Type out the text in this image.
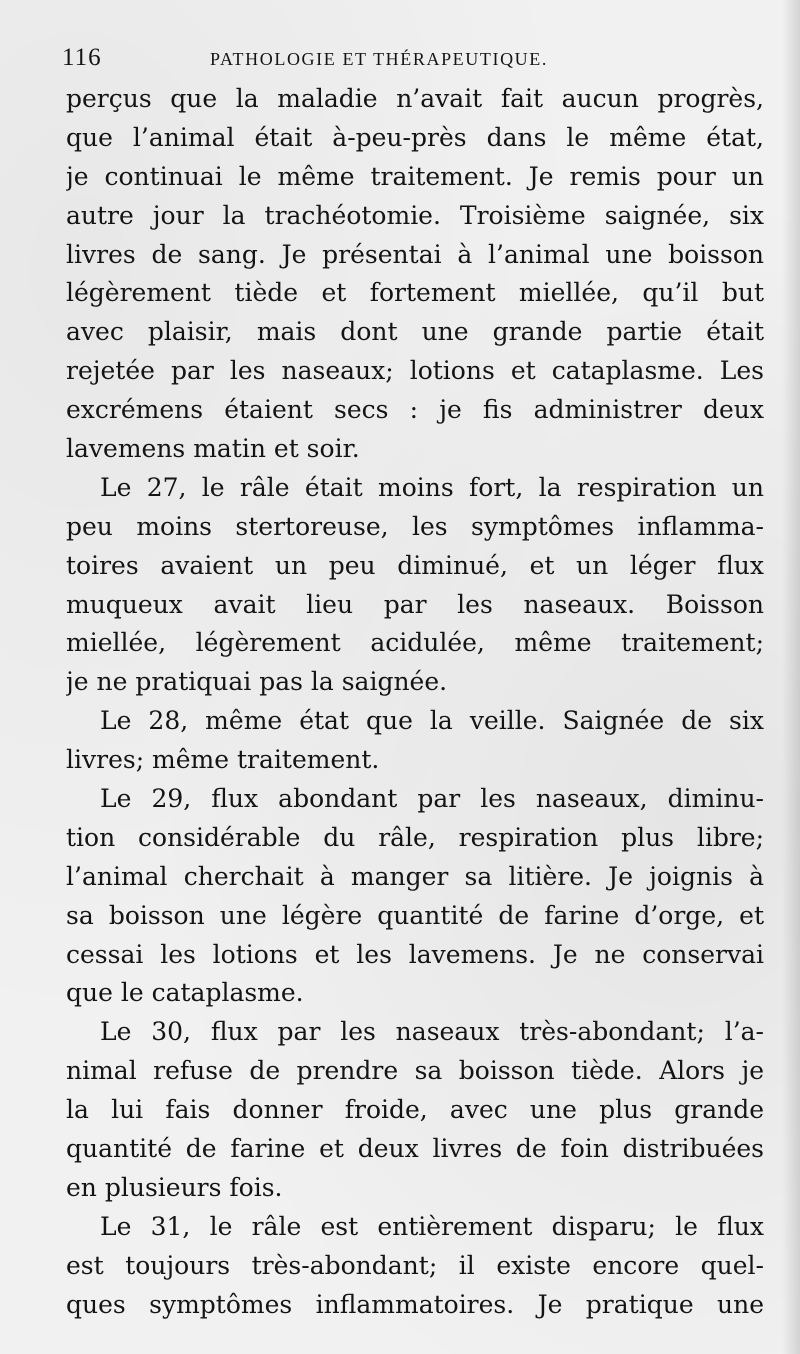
116	PATHOLOGIE ET THÉRAPEUTIQUE.
perçus que la maladie n’avait fait aucun progrès,
que l’animal était à-peu-près dans le même état,
je continuai le même traitement. Je remis pour un
autre jour la trachéotomie. Troisième saignée, six
livres de sang. Je présentai à l’animal une boisson
légèrement tiède et fortement miellée, qu’il but
avec plaisir, mais dont une grande partie était
rejetée par les naseaux; lotions et cataplasme. Les
excrémens étaient secs : je fis administrer deux
lavemens matin et soir.
Le 27, le râle était moins fort, la respiration un
peu moins stertoreuse, les symptômes inflamma-
toires avaient un peu diminué, et un léger flux
muqueux avait lieu par les naseaux. Boisson
miellée, légèrement acidulée, même traitement;
je ne pratiquai pas la saignée.
Le 28, même état que la veille. Saignée de six
livres; même traitement.
Le 29, flux abondant par les naseaux, diminu-
tion considérable du râle, respiration plus libre;
l’animal cherchait à manger sa litière. Je joignis à
sa boisson une légère quantité de farine d’orge, et
cessai les lotions et les lavemens. Je ne conservai
que le cataplasme.
Le 30, flux par les naseaux très-abondant; l’a-
nimal refuse de prendre sa boisson tiède. Alors je
la lui fais donner froide, avec une plus grande
quantité de farine et deux livres de foin distribuées
en plusieurs fois.
Le 31, le râle est entièrement disparu; le flux
est toujours très-abondant; il existe encore quel-
ques symptômes inflammatoires. Je pratique une
